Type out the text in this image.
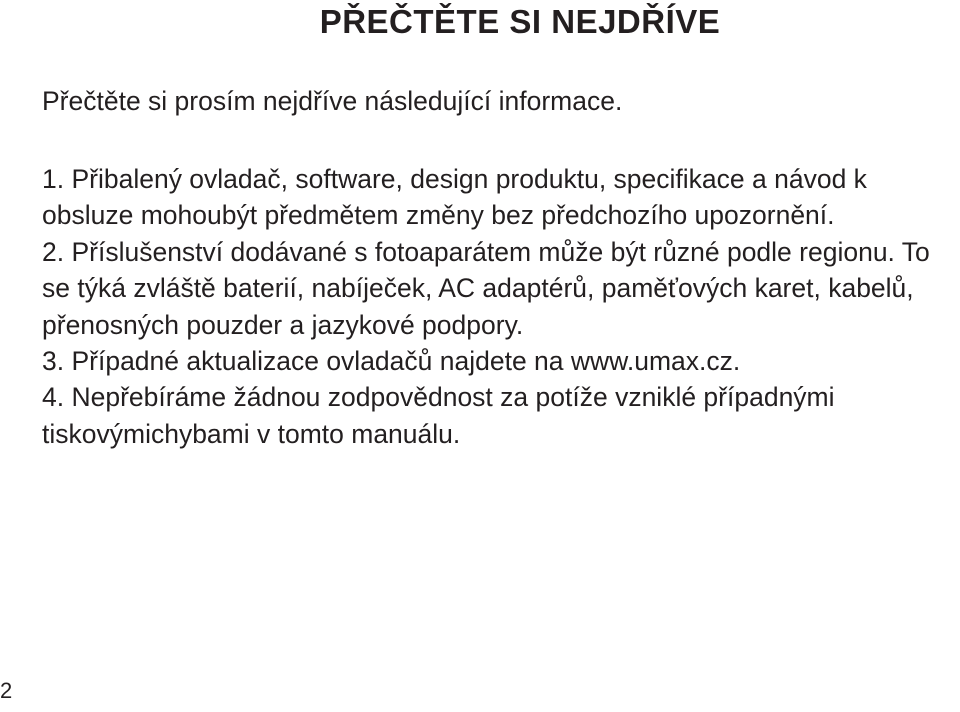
PŘEČTĚTE SI NEJDŘÍVE

Přečtěte si prosím nejdříve následující informace.

1. Přibalený ovladač, software, design produktu, specifikace a návod k obsluze mohoubýt předmětem změny bez předchozího upozornění.
2. Příslušenství dodávané s fotoaparátem může být různé podle regionu. To se týká zvláště baterií, nabíječek, AC adaptérů, paměťových karet, kabelů, přenosných pouzder a jazykové podpory.
3. Případné aktualizace ovladačů najdete na www.umax.cz.
4. Nepřebíráme žádnou zodpovědnost za potíže vzniklé případnými tiskovýmichybami v tomto manuálu.
2
